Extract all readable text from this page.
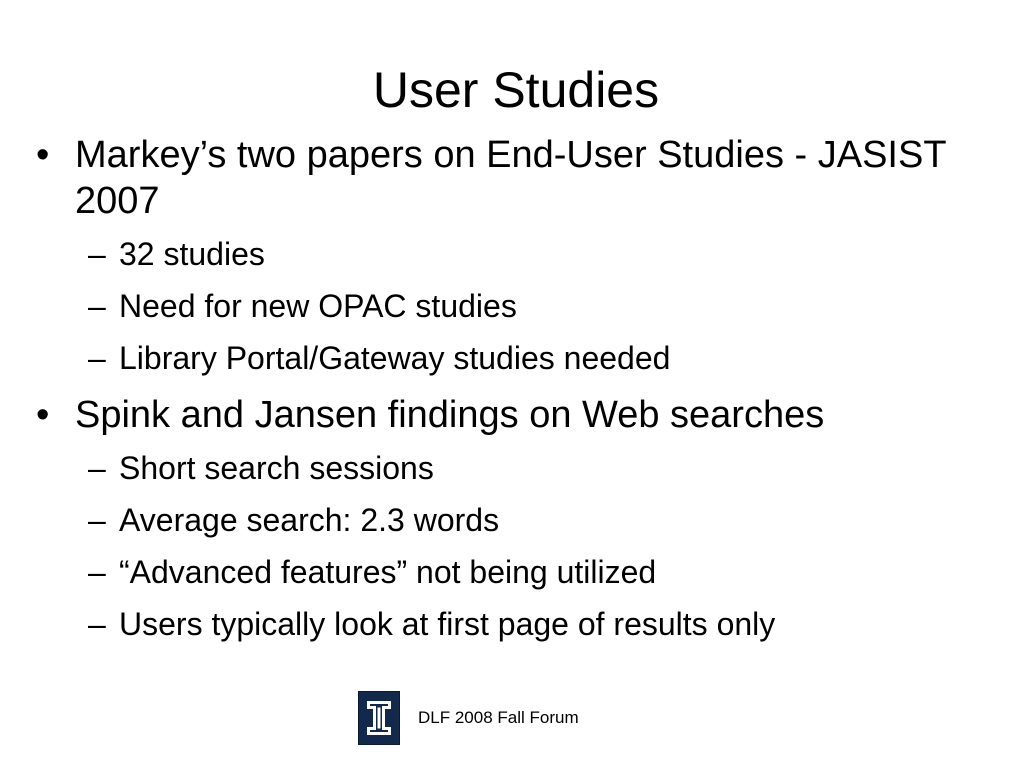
User Studies
• Markey’s two papers on End-User Studies - JASIST 2007
– 32 studies
– Need for new OPAC studies
– Library Portal/Gateway studies needed
• Spink and Jansen findings on Web searches
– Short search sessions
– Average search: 2.3 words
– “Advanced features” not being utilized
– Users typically look at first page of results only
DLF 2008 Fall Forum
